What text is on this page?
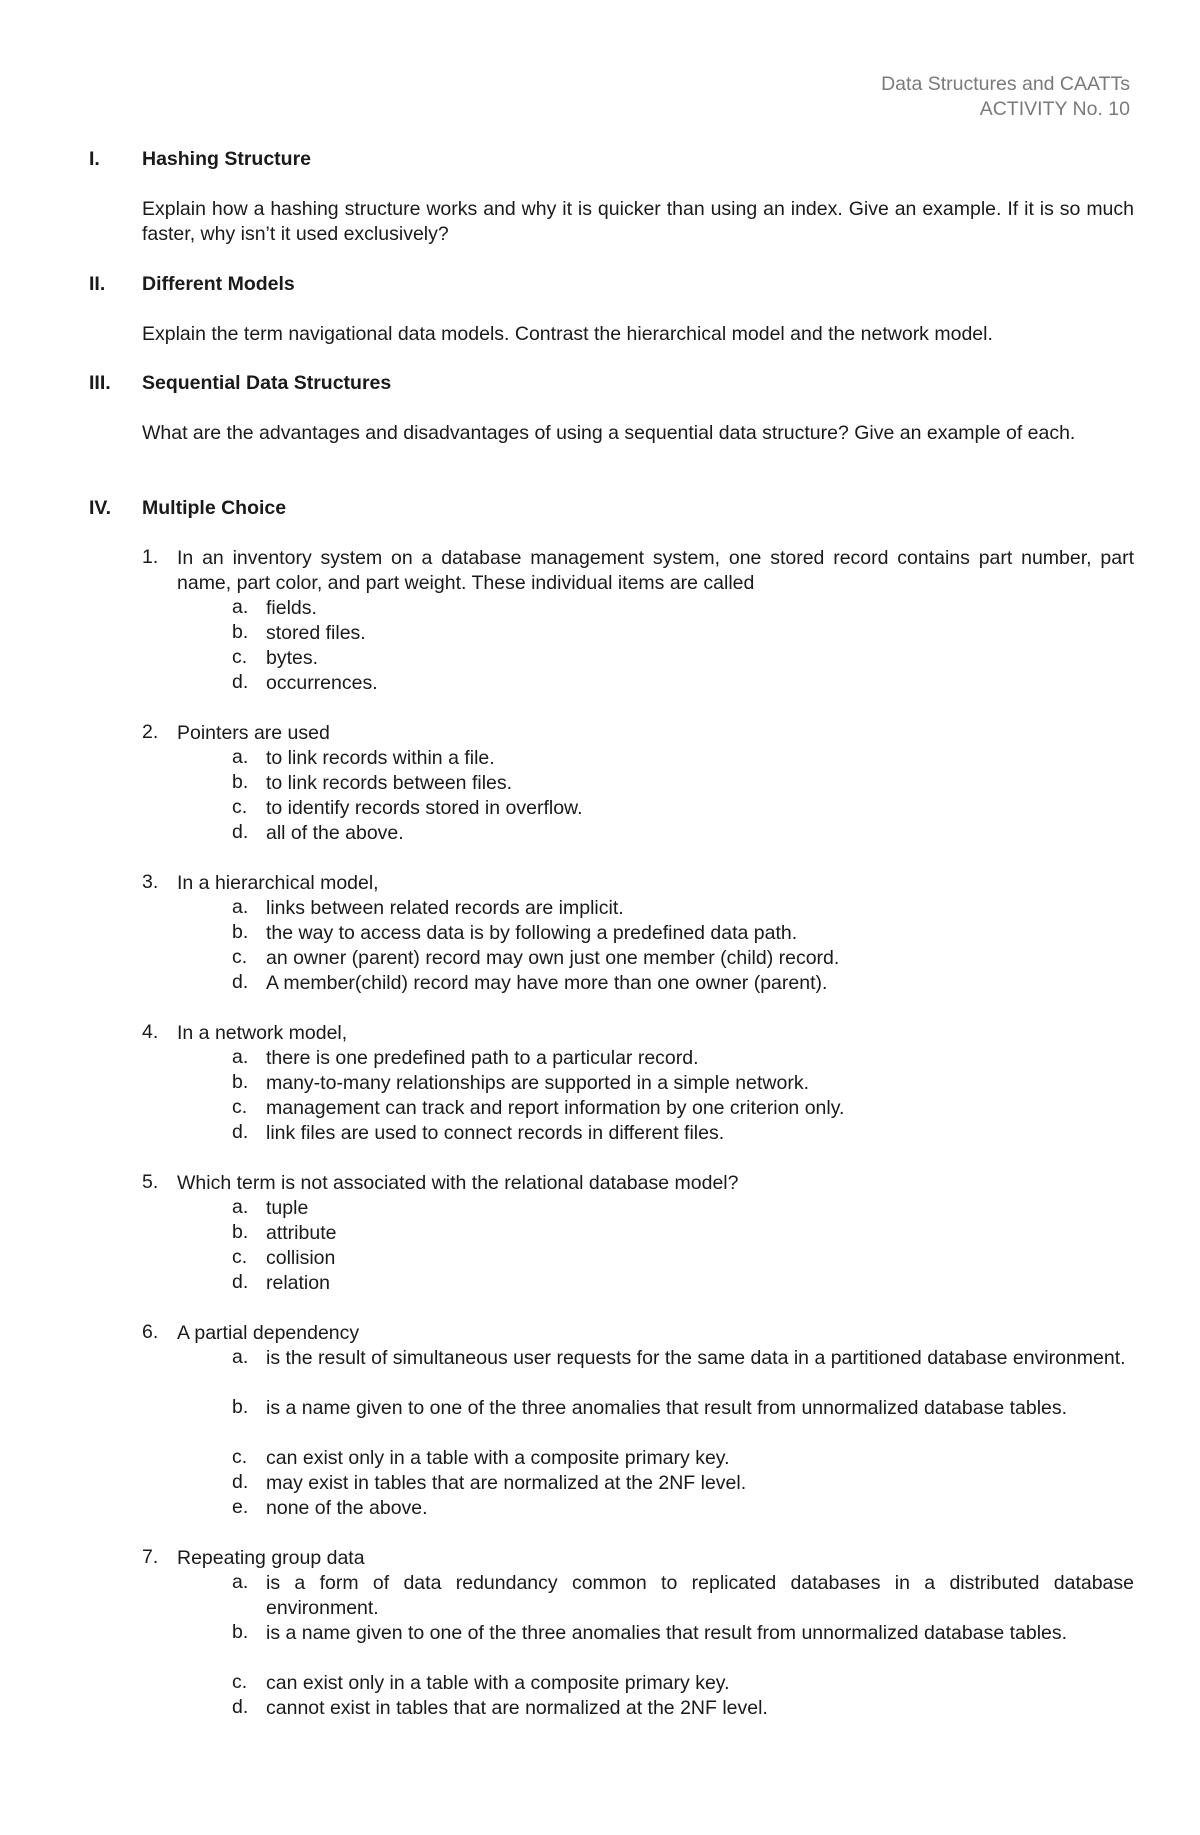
Data Structures and CAATTs
ACTIVITY No. 10
I.	Hashing Structure
Explain how a hashing structure works and why it is quicker than using an index. Give an example. If it is so much faster, why isn’t it used exclusively?
II.	Different Models
Explain the term navigational data models. Contrast the hierarchical model and the network model.
III.	Sequential Data Structures
What are the advantages and disadvantages of using a sequential data structure? Give an example of each.
IV.	Multiple Choice
1. In an inventory system on a database management system, one stored record contains part number, part name, part color, and part weight. These individual items are called
a. fields.
b. stored files.
c. bytes.
d. occurrences.
2. Pointers are used
a. to link records within a file.
b. to link records between files.
c. to identify records stored in overflow.
d. all of the above.
3. In a hierarchical model,
a. links between related records are implicit.
b. the way to access data is by following a predefined data path.
c. an owner (parent) record may own just one member (child) record.
d. A member(child) record may have more than one owner (parent).
4. In a network model,
a. there is one predefined path to a particular record.
b. many-to-many relationships are supported in a simple network.
c. management can track and report information by one criterion only.
d. link files are used to connect records in different files.
5. Which term is not associated with the relational database model?
a. tuple
b. attribute
c. collision
d. relation
6. A partial dependency
a. is the result of simultaneous user requests for the same data in a partitioned database environment.
b. is a name given to one of the three anomalies that result from unnormalized database tables.
c. can exist only in a table with a composite primary key.
d. may exist in tables that are normalized at the 2NF level.
e. none of the above.
7. Repeating group data
a. is a form of data redundancy common to replicated databases in a distributed database environment.
b. is a name given to one of the three anomalies that result from unnormalized database tables.
c. can exist only in a table with a composite primary key.
d. cannot exist in tables that are normalized at the 2NF level.
